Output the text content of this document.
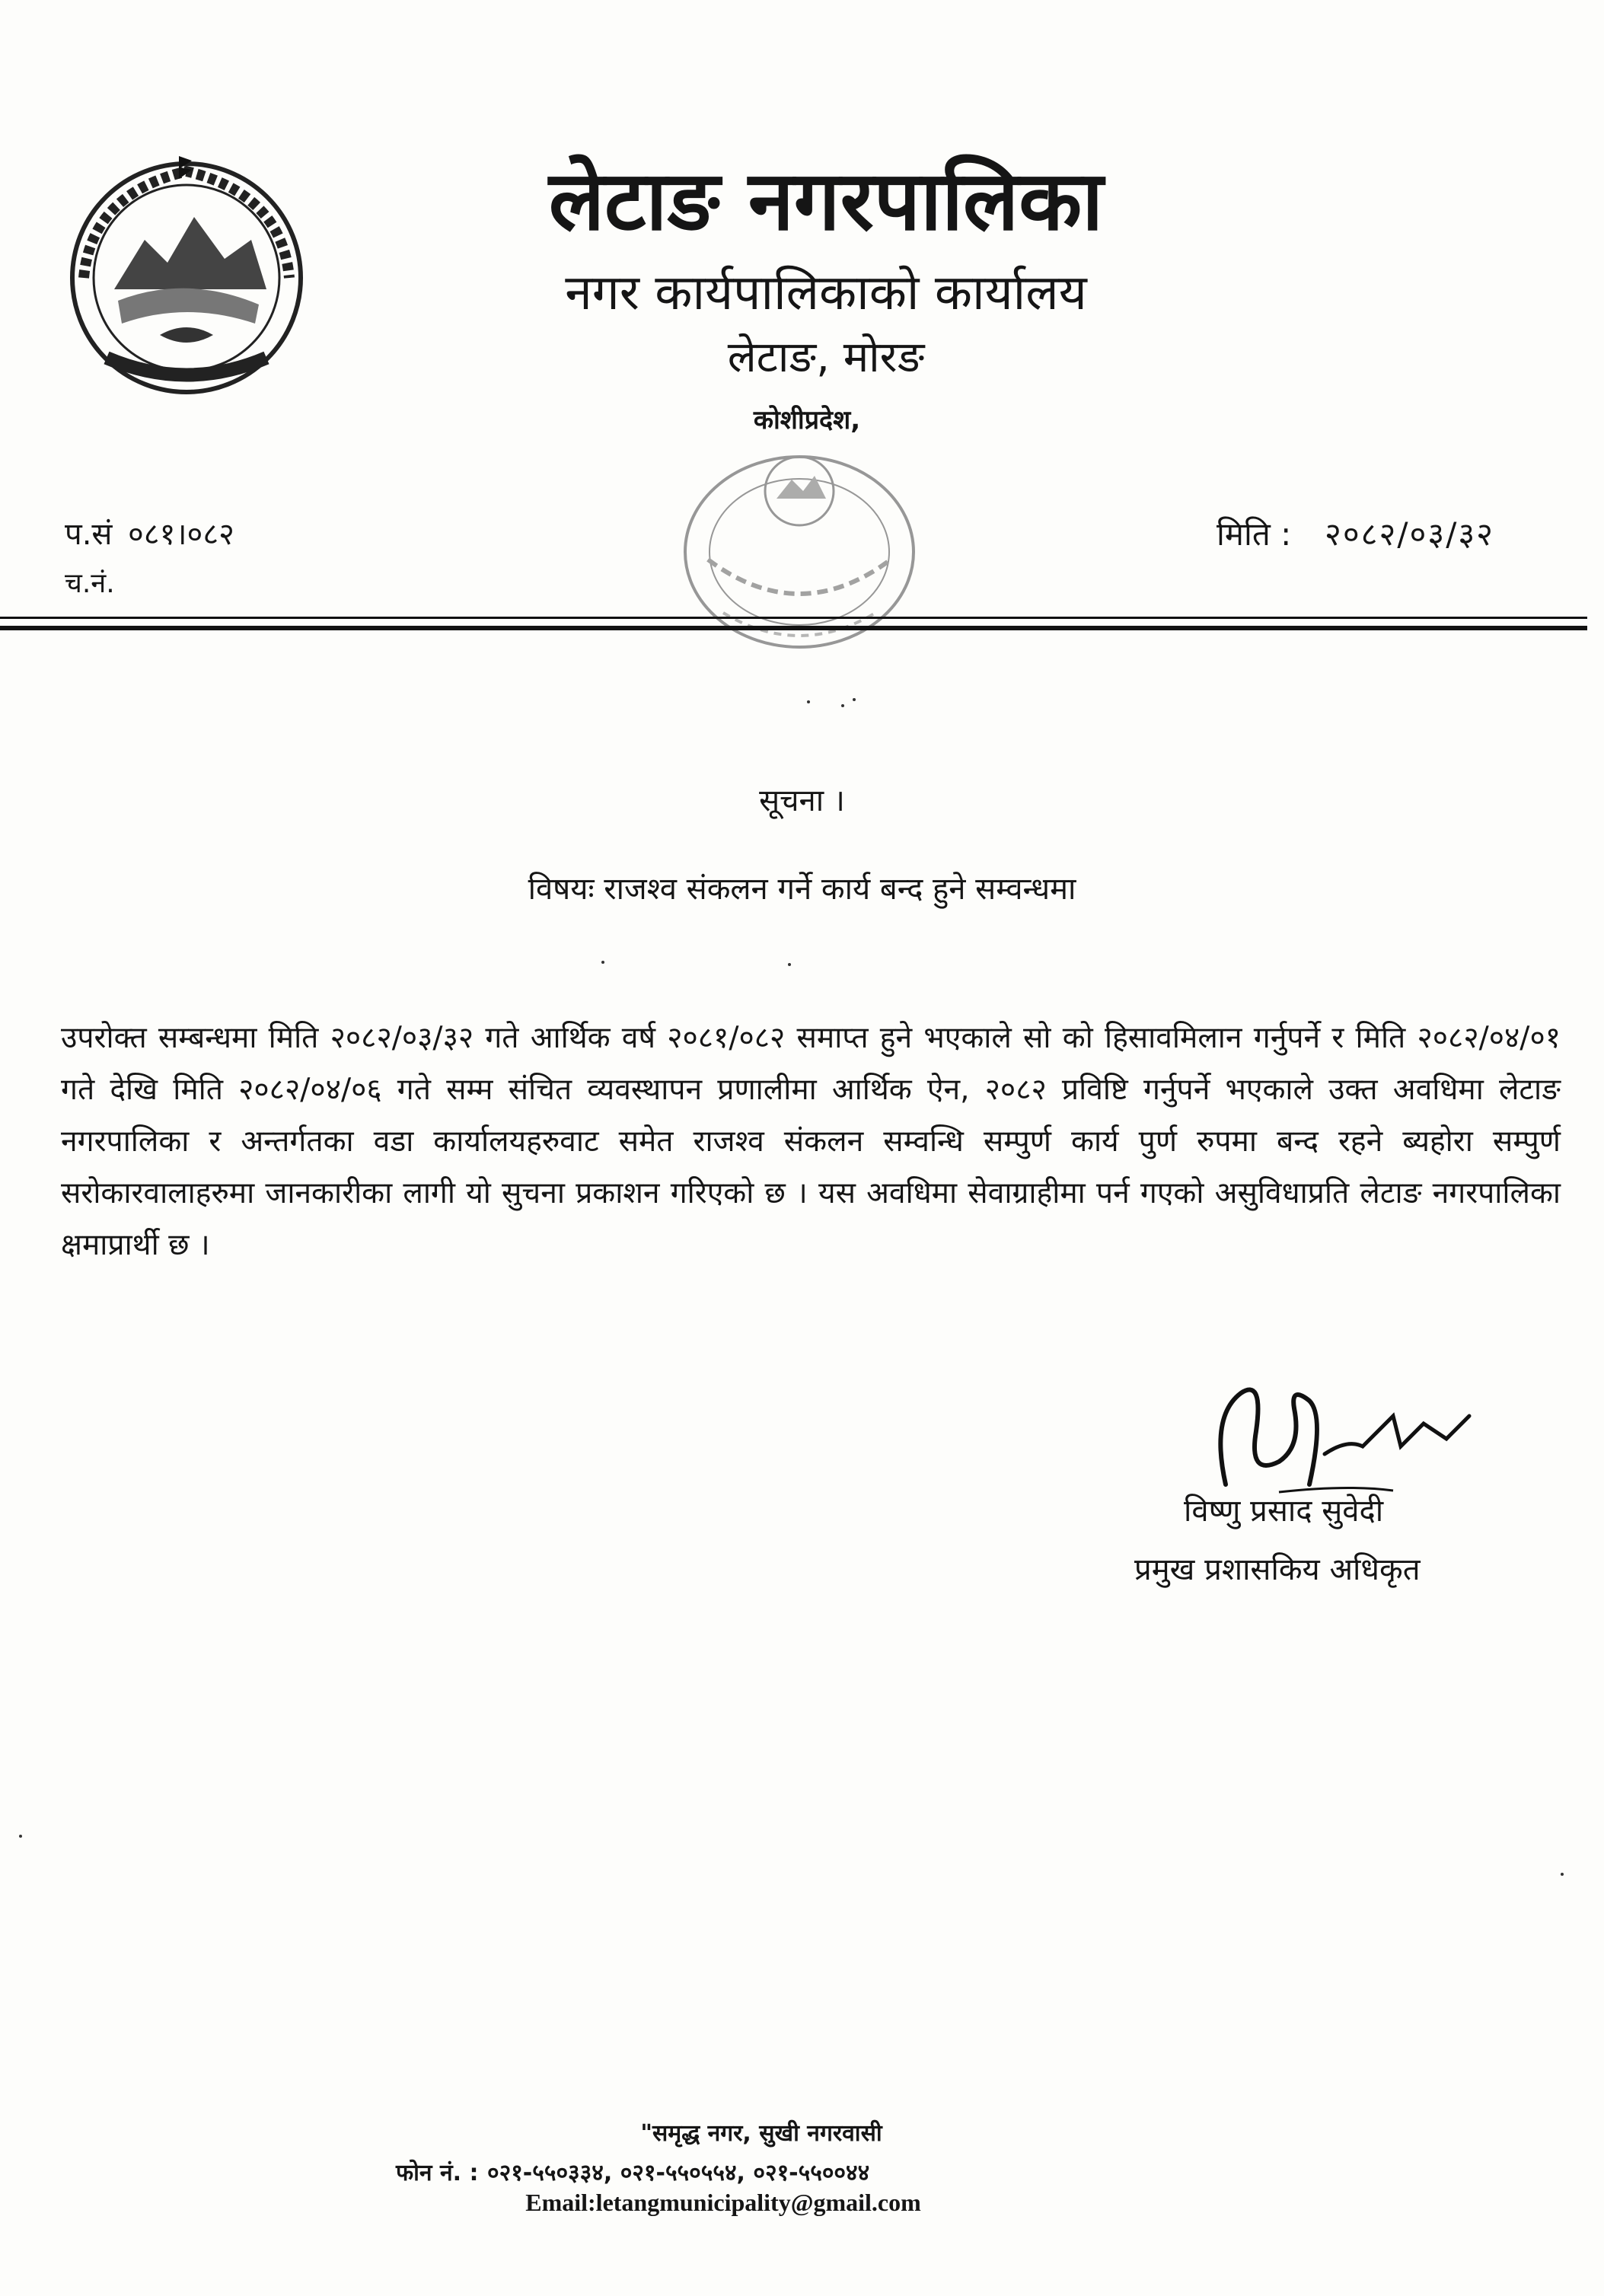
लेटाङ नगरपालिका
नगर कार्यपालिकाको कार्यालय
लेटाङ, मोरङ
कोशीप्रदेश,
प.सं ०८१।०८२
च.नं.
मिति : २०८२/०३/३२
सूचना ।
विषयः राजश्व संकलन गर्ने कार्य बन्द हुने सम्वन्धमा
उपरोक्त सम्बन्धमा मिति २०८२/०३/३२ गते आर्थिक वर्ष २०८१/०८२ समाप्त हुने भएकाले सो को हिसावमिलान गर्नुपर्ने र मिति २०८२/०४/०१ गते देखि मिति २०८२/०४/०६ गते सम्म संचित व्यवस्थापन प्रणालीमा आर्थिक ऐन, २०८२ प्रविष्टि गर्नुपर्ने भएकाले उक्त अवधिमा लेटाङ नगरपालिका र अन्तर्गतका वडा कार्यालयहरुवाट समेत राजश्व संकलन सम्वन्धि सम्पुर्ण कार्य पुर्ण रुपमा बन्द रहने ब्यहोरा सम्पुर्ण सरोकारवालाहरुमा जानकारीका लागी यो सुचना प्रकाशन गरिएको छ । यस अवधिमा सेवाग्राहीमा पर्न गएको असुविधाप्रति लेटाङ नगरपालिका क्षमाप्रार्थी छ ।
विष्णु प्रसाद सुवेदी
प्रमुख प्रशासकिय अधिकृत
"समृद्ध नगर, सुखी नगरवासी
फोन नं. : ०२१-५५०३३४, ०२१-५५०५५४, ०२१-५५००४४
Email:letangmunicipality@gmail.com
